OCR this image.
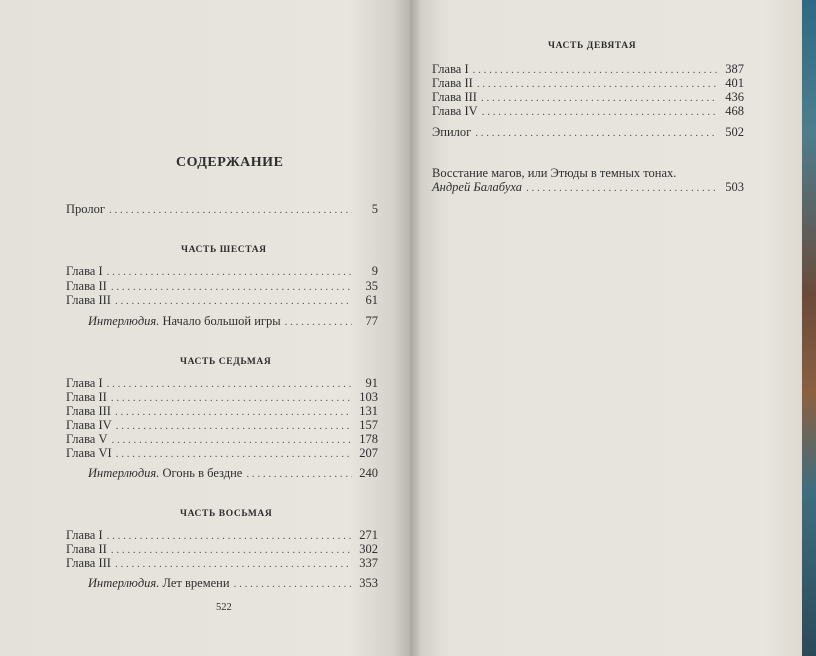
СОДЕРЖАНИЕ
Пролог . . .	5
ЧАСТЬ ШЕСТАЯ
Глава I . . .	9
Глава II . . .	35
Глава III . . .	61
Интерлюдия. Начало большой игры . . .	77
ЧАСТЬ СЕДЬМАЯ
Глава I . . .	91
Глава II . . .	103
Глава III . . .	131
Глава IV . . .	157
Глава V . . .	178
Глава VI . . .	207
Интерлюдия. Огонь в бездне . . .	240
ЧАСТЬ ВОСЬМАЯ
Глава I . . .	271
Глава II . . .	302
Глава III . . .	337
Интерлюдия. Лет времени . . .	353
522
ЧАСТЬ ДЕВЯТАЯ
Глава I . . .	387
Глава II . . .	401
Глава III . . .	436
Глава IV . . .	468
Эпилог . . .	502
Восстание магов, или Этюды в темных тонах.
Андрей Балабуха . . .	503
